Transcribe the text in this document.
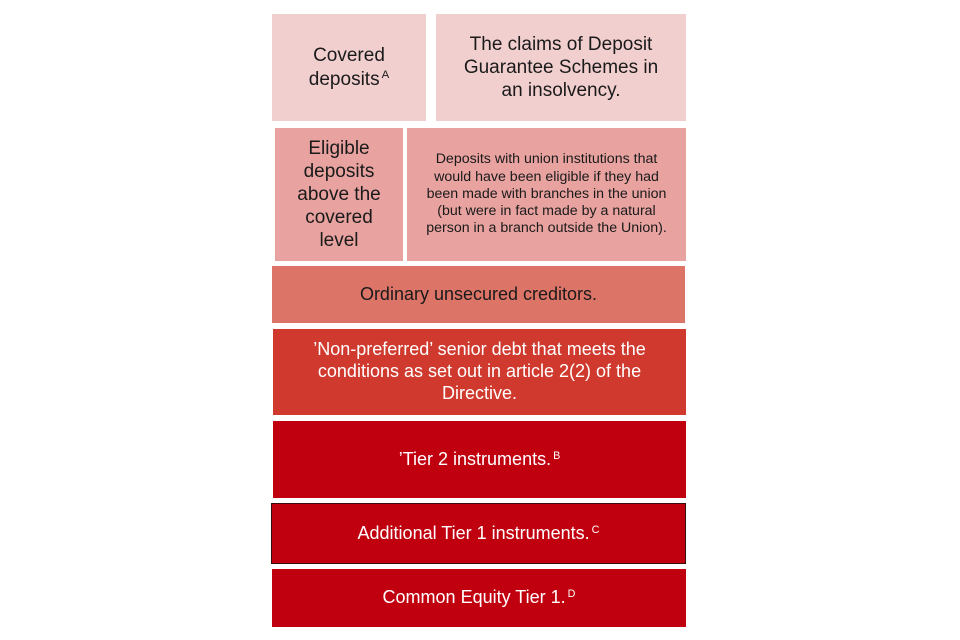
Covered deposits $^A$
The claims of Deposit Guarantee Schemes in an insolvency.
Eligible deposits above the covered level
Deposits with union institutions that would have been eligible if they had been made with branches in the union (but were in fact made by a natural person in a branch outside the Union).
Ordinary unsecured creditors.
’Non-preferred’ senior debt that meets the conditions as set out in article 2(2) of the Directive.
’Tier 2 instruments. $^B$
Additional Tier 1 instruments. $^C$
Common Equity Tier 1. $^D$
